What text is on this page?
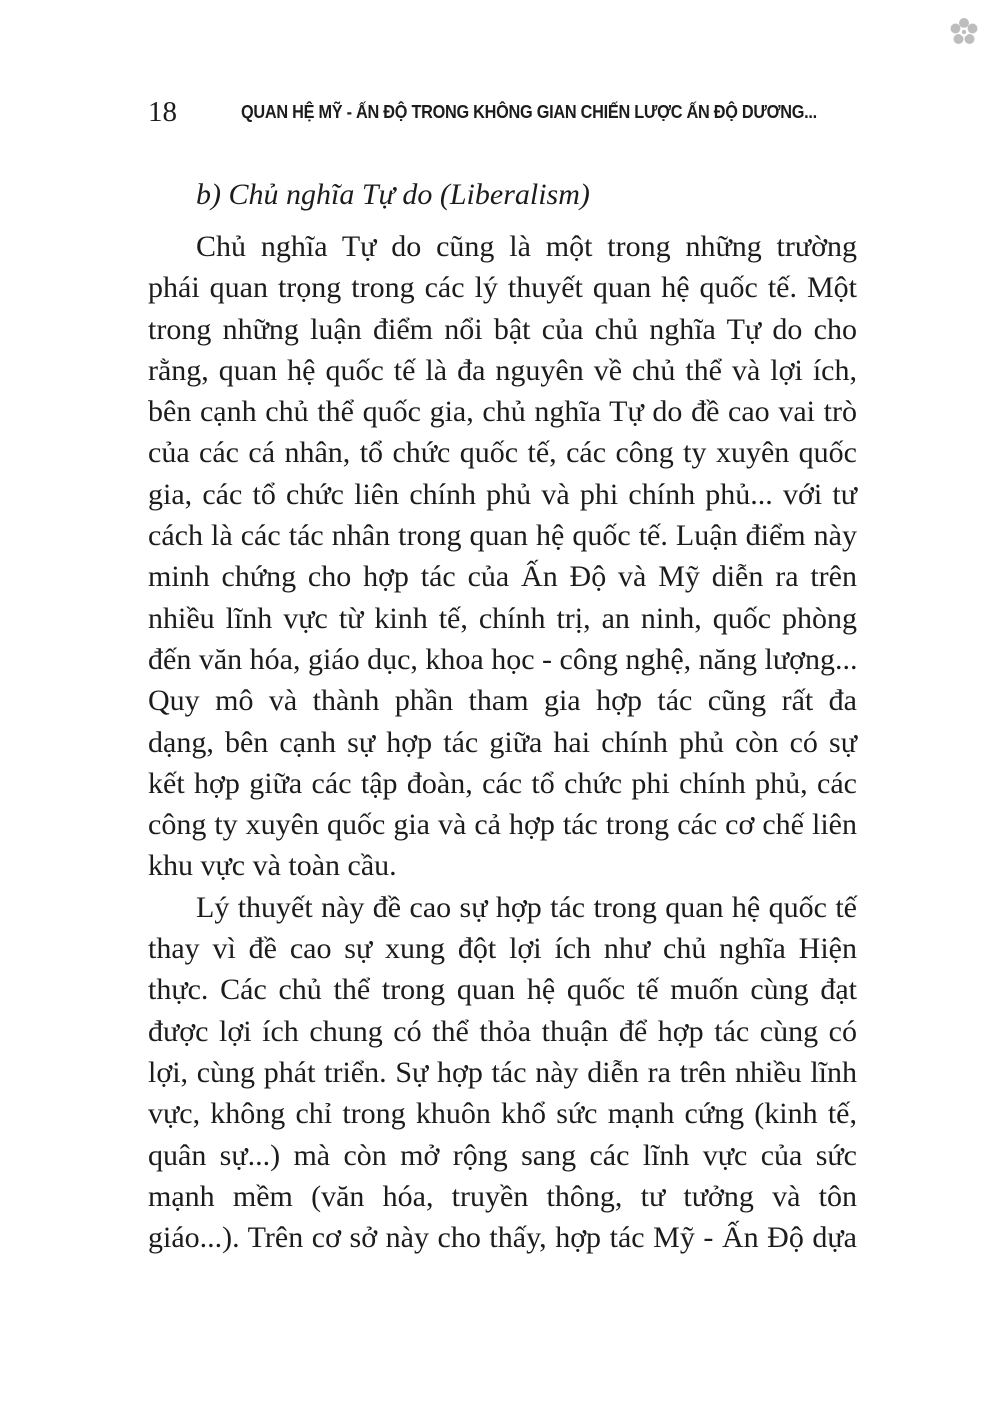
18	QUAN HỆ MỸ - ẤN ĐỘ TRONG KHÔNG GIAN CHIẾN LƯỢC ẤN ĐỘ DƯƠNG...
b) Chủ nghĩa Tự do (Liberalism)
Chủ nghĩa Tự do cũng là một trong những trường
phái quan trọng trong các lý thuyết quan hệ quốc tế. Một
trong những luận điểm nổi bật của chủ nghĩa Tự do cho
rằng, quan hệ quốc tế là đa nguyên về chủ thể và lợi ích,
bên cạnh chủ thể quốc gia, chủ nghĩa Tự do đề cao vai trò
của các cá nhân, tổ chức quốc tế, các công ty xuyên quốc
gia, các tổ chức liên chính phủ và phi chính phủ... với tư
cách là các tác nhân trong quan hệ quốc tế. Luận điểm này
minh chứng cho hợp tác của Ấn Độ và Mỹ diễn ra trên
nhiều lĩnh vực từ kinh tế, chính trị, an ninh, quốc phòng
đến văn hóa, giáo dục, khoa học - công nghệ, năng lượng...
Quy mô và thành phần tham gia hợp tác cũng rất đa
dạng, bên cạnh sự hợp tác giữa hai chính phủ còn có sự
kết hợp giữa các tập đoàn, các tổ chức phi chính phủ, các
công ty xuyên quốc gia và cả hợp tác trong các cơ chế liên
khu vực và toàn cầu.
Lý thuyết này đề cao sự hợp tác trong quan hệ quốc tế
thay vì đề cao sự xung đột lợi ích như chủ nghĩa Hiện
thực. Các chủ thể trong quan hệ quốc tế muốn cùng đạt
được lợi ích chung có thể thỏa thuận để hợp tác cùng có
lợi, cùng phát triển. Sự hợp tác này diễn ra trên nhiều lĩnh
vực, không chỉ trong khuôn khổ sức mạnh cứng (kinh tế,
quân sự...) mà còn mở rộng sang các lĩnh vực của sức
mạnh mềm (văn hóa, truyền thông, tư tưởng và tôn
giáo...). Trên cơ sở này cho thấy, hợp tác Mỹ - Ấn Độ dựa
